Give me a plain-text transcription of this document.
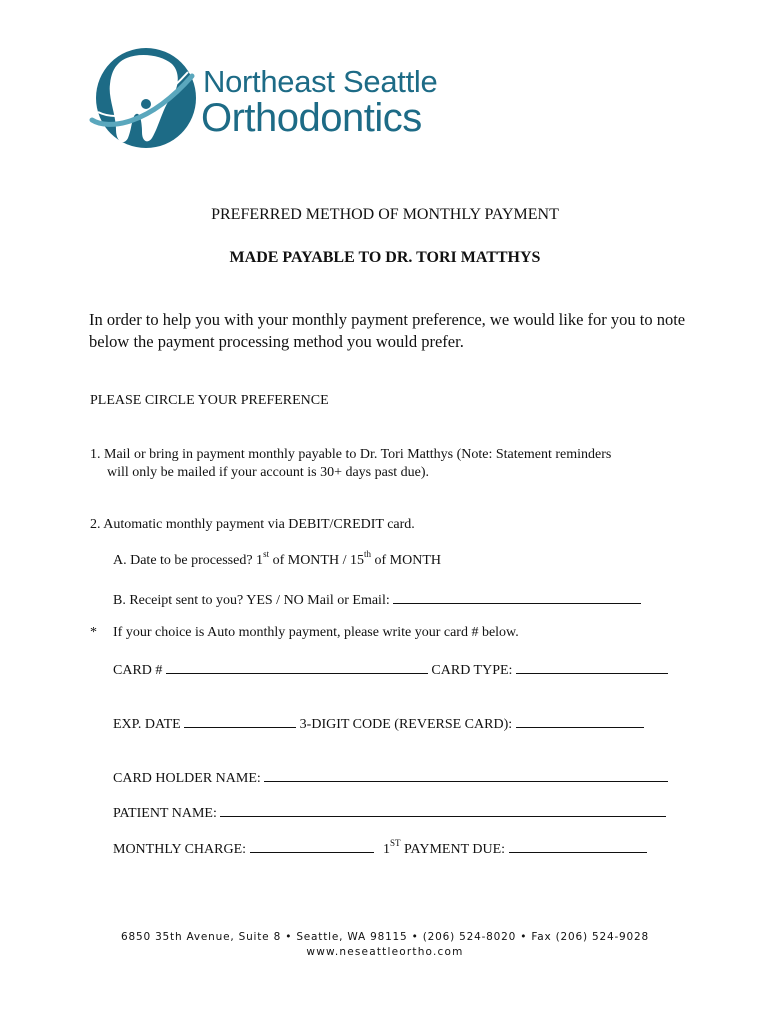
Northeast Seattle
Orthodontics
PREFERRED METHOD OF MONTHLY PAYMENT
MADE PAYABLE TO DR. TORI MATTHYS
In order to help you with your monthly payment preference, we would like for you to note below the payment processing method you would prefer.
PLEASE CIRCLE YOUR PREFERENCE
1. Mail or bring in payment monthly payable to Dr. Tori Matthys (Note: Statement reminders
will only be mailed if your account is 30+ days past due).
2. Automatic monthly payment via DEBIT/CREDIT card.
A. Date to be processed? 1st of MONTH / 15th of MONTH
B. Receipt sent to you? YES / NO Mail or Email:
* If your choice is Auto monthly payment, please write your card # below.
CARD #	CARD TYPE:
EXP. DATE	3-DIGIT CODE (REVERSE CARD):
CARD HOLDER NAME:
PATIENT NAME:
MONTHLY CHARGE:	1ST PAYMENT DUE:
6850 35th Avenue, Suite 8 • Seattle, WA 98115 • (206) 524-8020 • Fax (206) 524-9028
www.neseattleortho.com
